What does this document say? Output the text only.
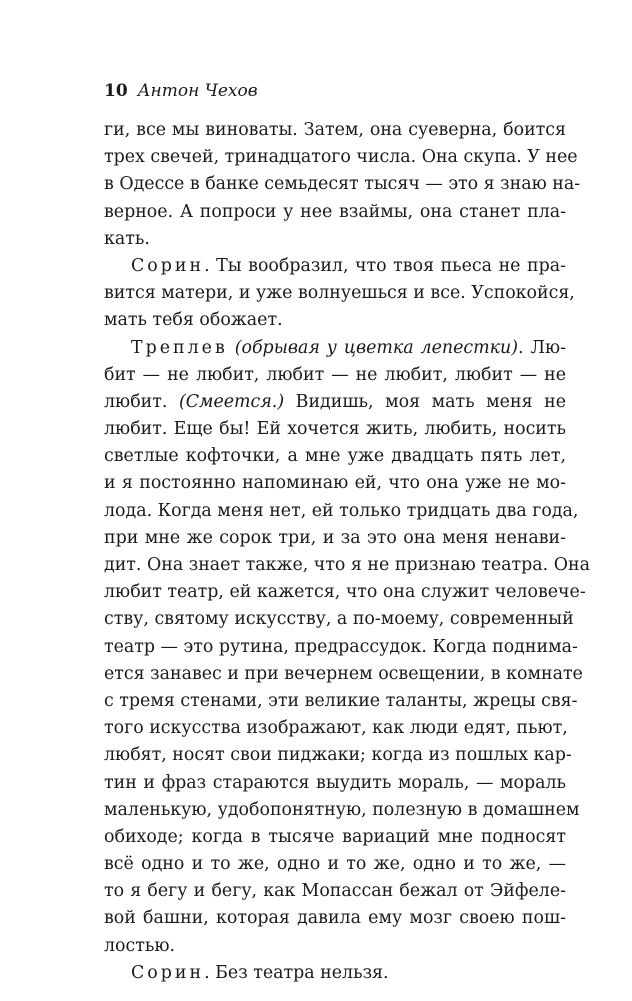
10 Антон Чехов
ги, все мы виноваты. Затем, она суеверна, боится
трех свечей, тринадцатого числа. Она скупа. У нее
в Одессе в банке семьдесят тысяч — это я знаю на-
верное. А попроси у нее взаймы, она станет пла-
кать.
Сорин. Ты вообразил, что твоя пьеса не пра-
вится матери, и уже волнуешься и все. Успокойся,
мать тебя обожает.
Треплев (обрывая у цветка лепестки). Лю-
бит — не любит, любит — не любит, любит — не
любит. (Смеется.) Видишь, моя мать меня не
любит. Еще бы! Ей хочется жить, любить, носить
светлые кофточки, а мне уже двадцать пять лет,
и я постоянно напоминаю ей, что она уже не мо-
лода. Когда меня нет, ей только тридцать два года,
при мне же сорок три, и за это она меня ненави-
дит. Она знает также, что я не признаю театра. Она
любит театр, ей кажется, что она служит человече-
ству, святому искусству, а по-моему, современный
театр — это рутина, предрассудок. Когда поднима-
ется занавес и при вечернем освещении, в комнате
с тремя стенами, эти великие таланты, жрецы свя-
того искусства изображают, как люди едят, пьют,
любят, носят свои пиджаки; когда из пошлых кар-
тин и фраз стараются выудить мораль, — мораль
маленькую, удобопонятную, полезную в домашнем
обиходе; когда в тысяче вариаций мне подносят
всё одно и то же, одно и то же, одно и то же, —
то я бегу и бегу, как Мопассан бежал от Эйфеле-
вой башни, которая давила ему мозг своею пош-
лостью.
Сорин. Без театра нельзя.
